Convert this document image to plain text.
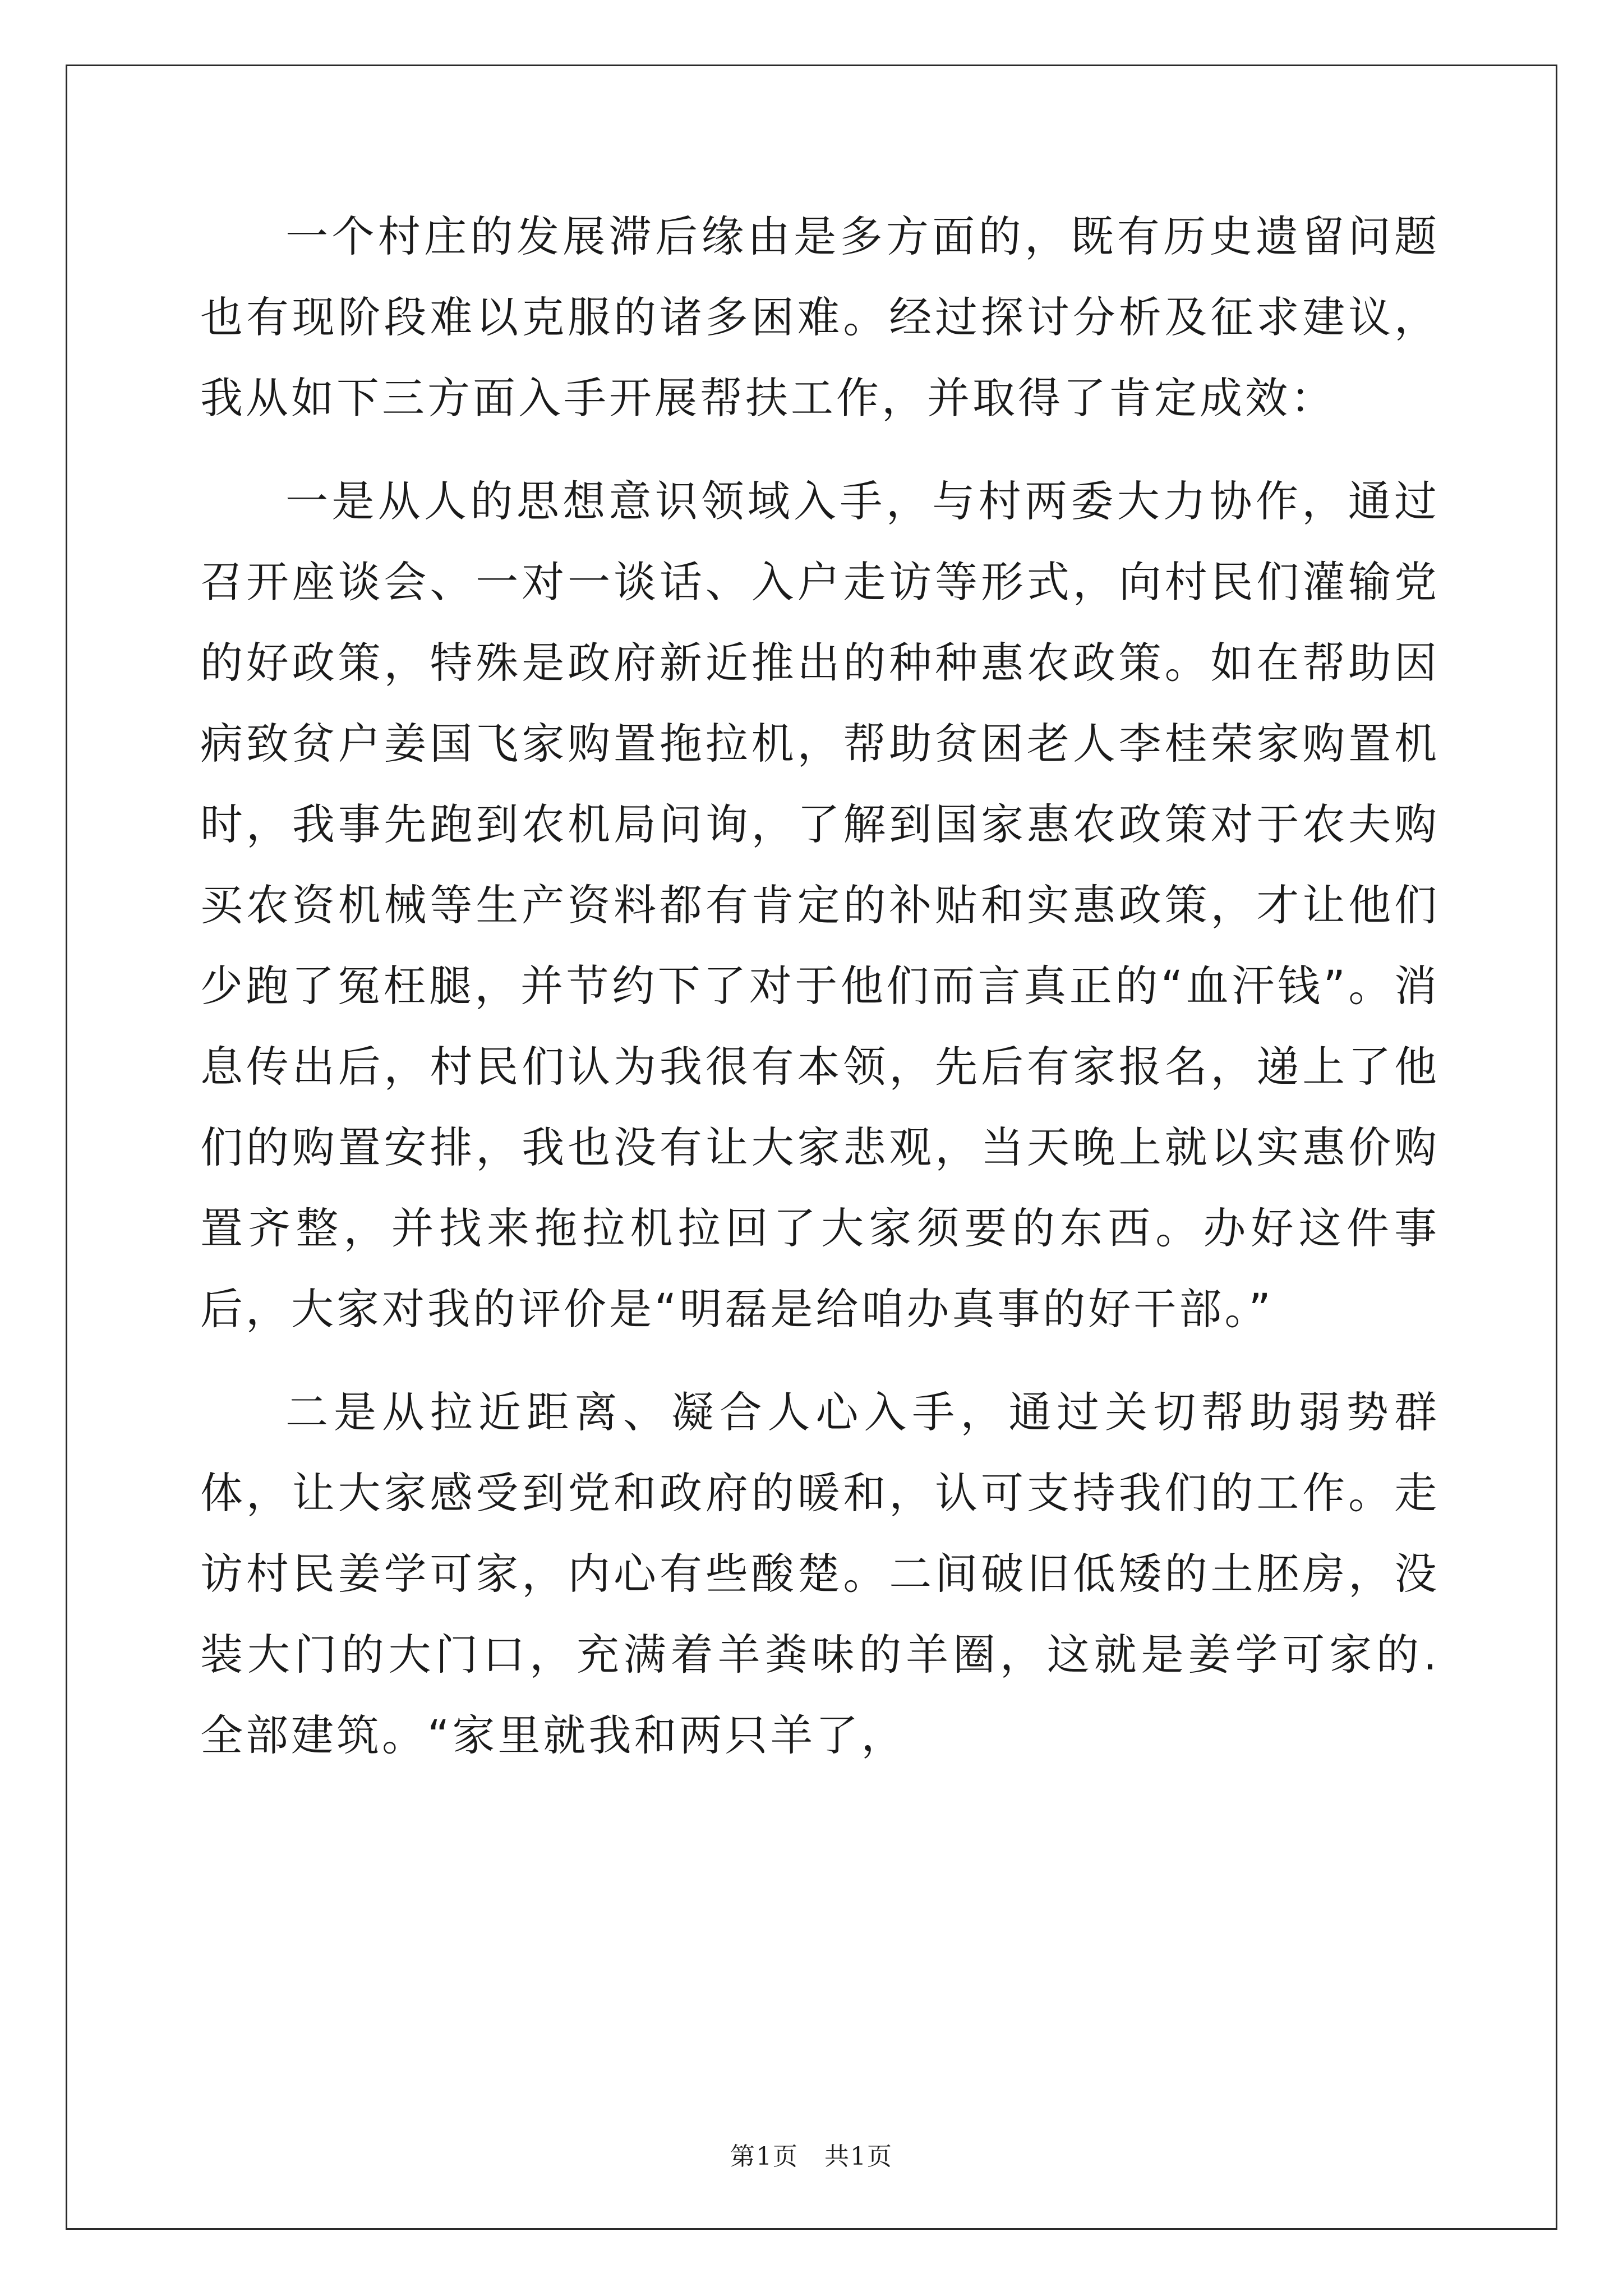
一个村庄的发展滞后缘由是多方面的，既有历史遗留问题也有现阶段难以克服的诸多困难。经过探讨分析及征求建议，我从如下三方面入手开展帮扶工作，并取得了肯定成效：

一是从人的思想意识领域入手，与村两委大力协作，通过召开座谈会、一对一谈话、入户走访等形式，向村民们灌输党的好政策，特殊是政府新近推出的种种惠农政策。如在帮助因病致贫户姜国飞家购置拖拉机，帮助贫困老人李桂荣家购置机时，我事先跑到农机局问询，了解到国家惠农政策对于农夫购买农资机械等生产资料都有肯定的补贴和实惠政策，才让他们少跑了冤枉腿，并节约下了对于他们而言真正的“血汗钱”。消息传出后，村民们认为我很有本领，先后有家报名，递上了他们的购置安排，我也没有让大家悲观，当天晚上就以实惠价购置齐整，并找来拖拉机拉回了大家须要的东西。办好这件事后，大家对我的评价是“明磊是给咱办真事的好干部。”

二是从拉近距离、凝合人心入手，通过关切帮助弱势群体，让大家感受到党和政府的暖和，认可支持我们的工作。走访村民姜学可家，内心有些酸楚。二间破旧低矮的土胚房，没装大门的大门口，充满着羊粪味的羊圈，这就是姜学可家的.全部建筑。“家里就我和两只羊了，

第1页　共1页
